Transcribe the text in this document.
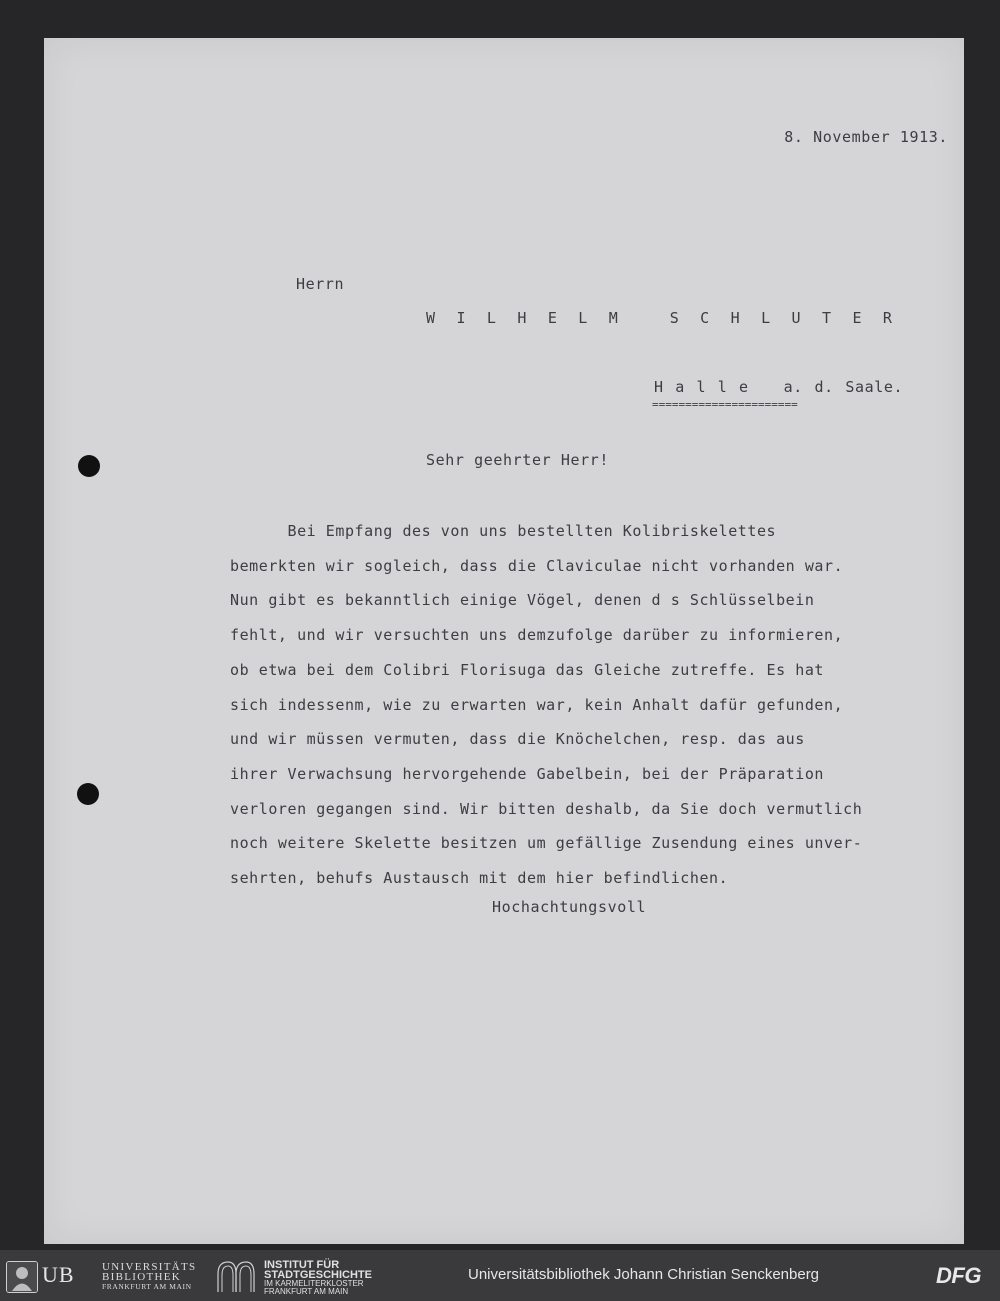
8. November 1913.
Herrn
W I L H E L M   S C H L U T E R
H a l l e   a. d. Saale.
======================
Sehr geehrter Herr!
Bei Empfang des von uns bestellten Kolibriskelettes
bemerkten wir sogleich, dass die Claviculae nicht vorhanden war.
Nun gibt es bekanntlich einige Vögel, denen d s Schlüsselbein
fehlt, und wir versuchten uns demzufolge darüber zu informieren,
ob etwa bei dem Colibri Florisuga das Gleiche zutreffe. Es hat
sich indessenm, wie zu erwarten war, kein Anhalt dafür gefunden,
und wir müssen vermuten, dass die Knöchelchen, resp. das aus
ihrer Verwachsung hervorgehende Gabelbein, bei der Präparation
verloren gegangen sind. Wir bitten deshalb, da Sie doch vermutlich
noch weitere Skelette besitzen um gefällige Zusendung eines unver-
sehrten, behufs Austausch mit dem hier befindlichen.
Hochachtungsvoll
UB UNIVERSITÄTS
BIBLIOTHEK
FRANKFURT AM MAIN
INSTITUT FÜR
STADTGESCHICHTE
IM KARMELITERKLOSTER
FRANKFURT AM MAIN
Universitätsbibliothek Johann Christian Senckenberg	DFG
